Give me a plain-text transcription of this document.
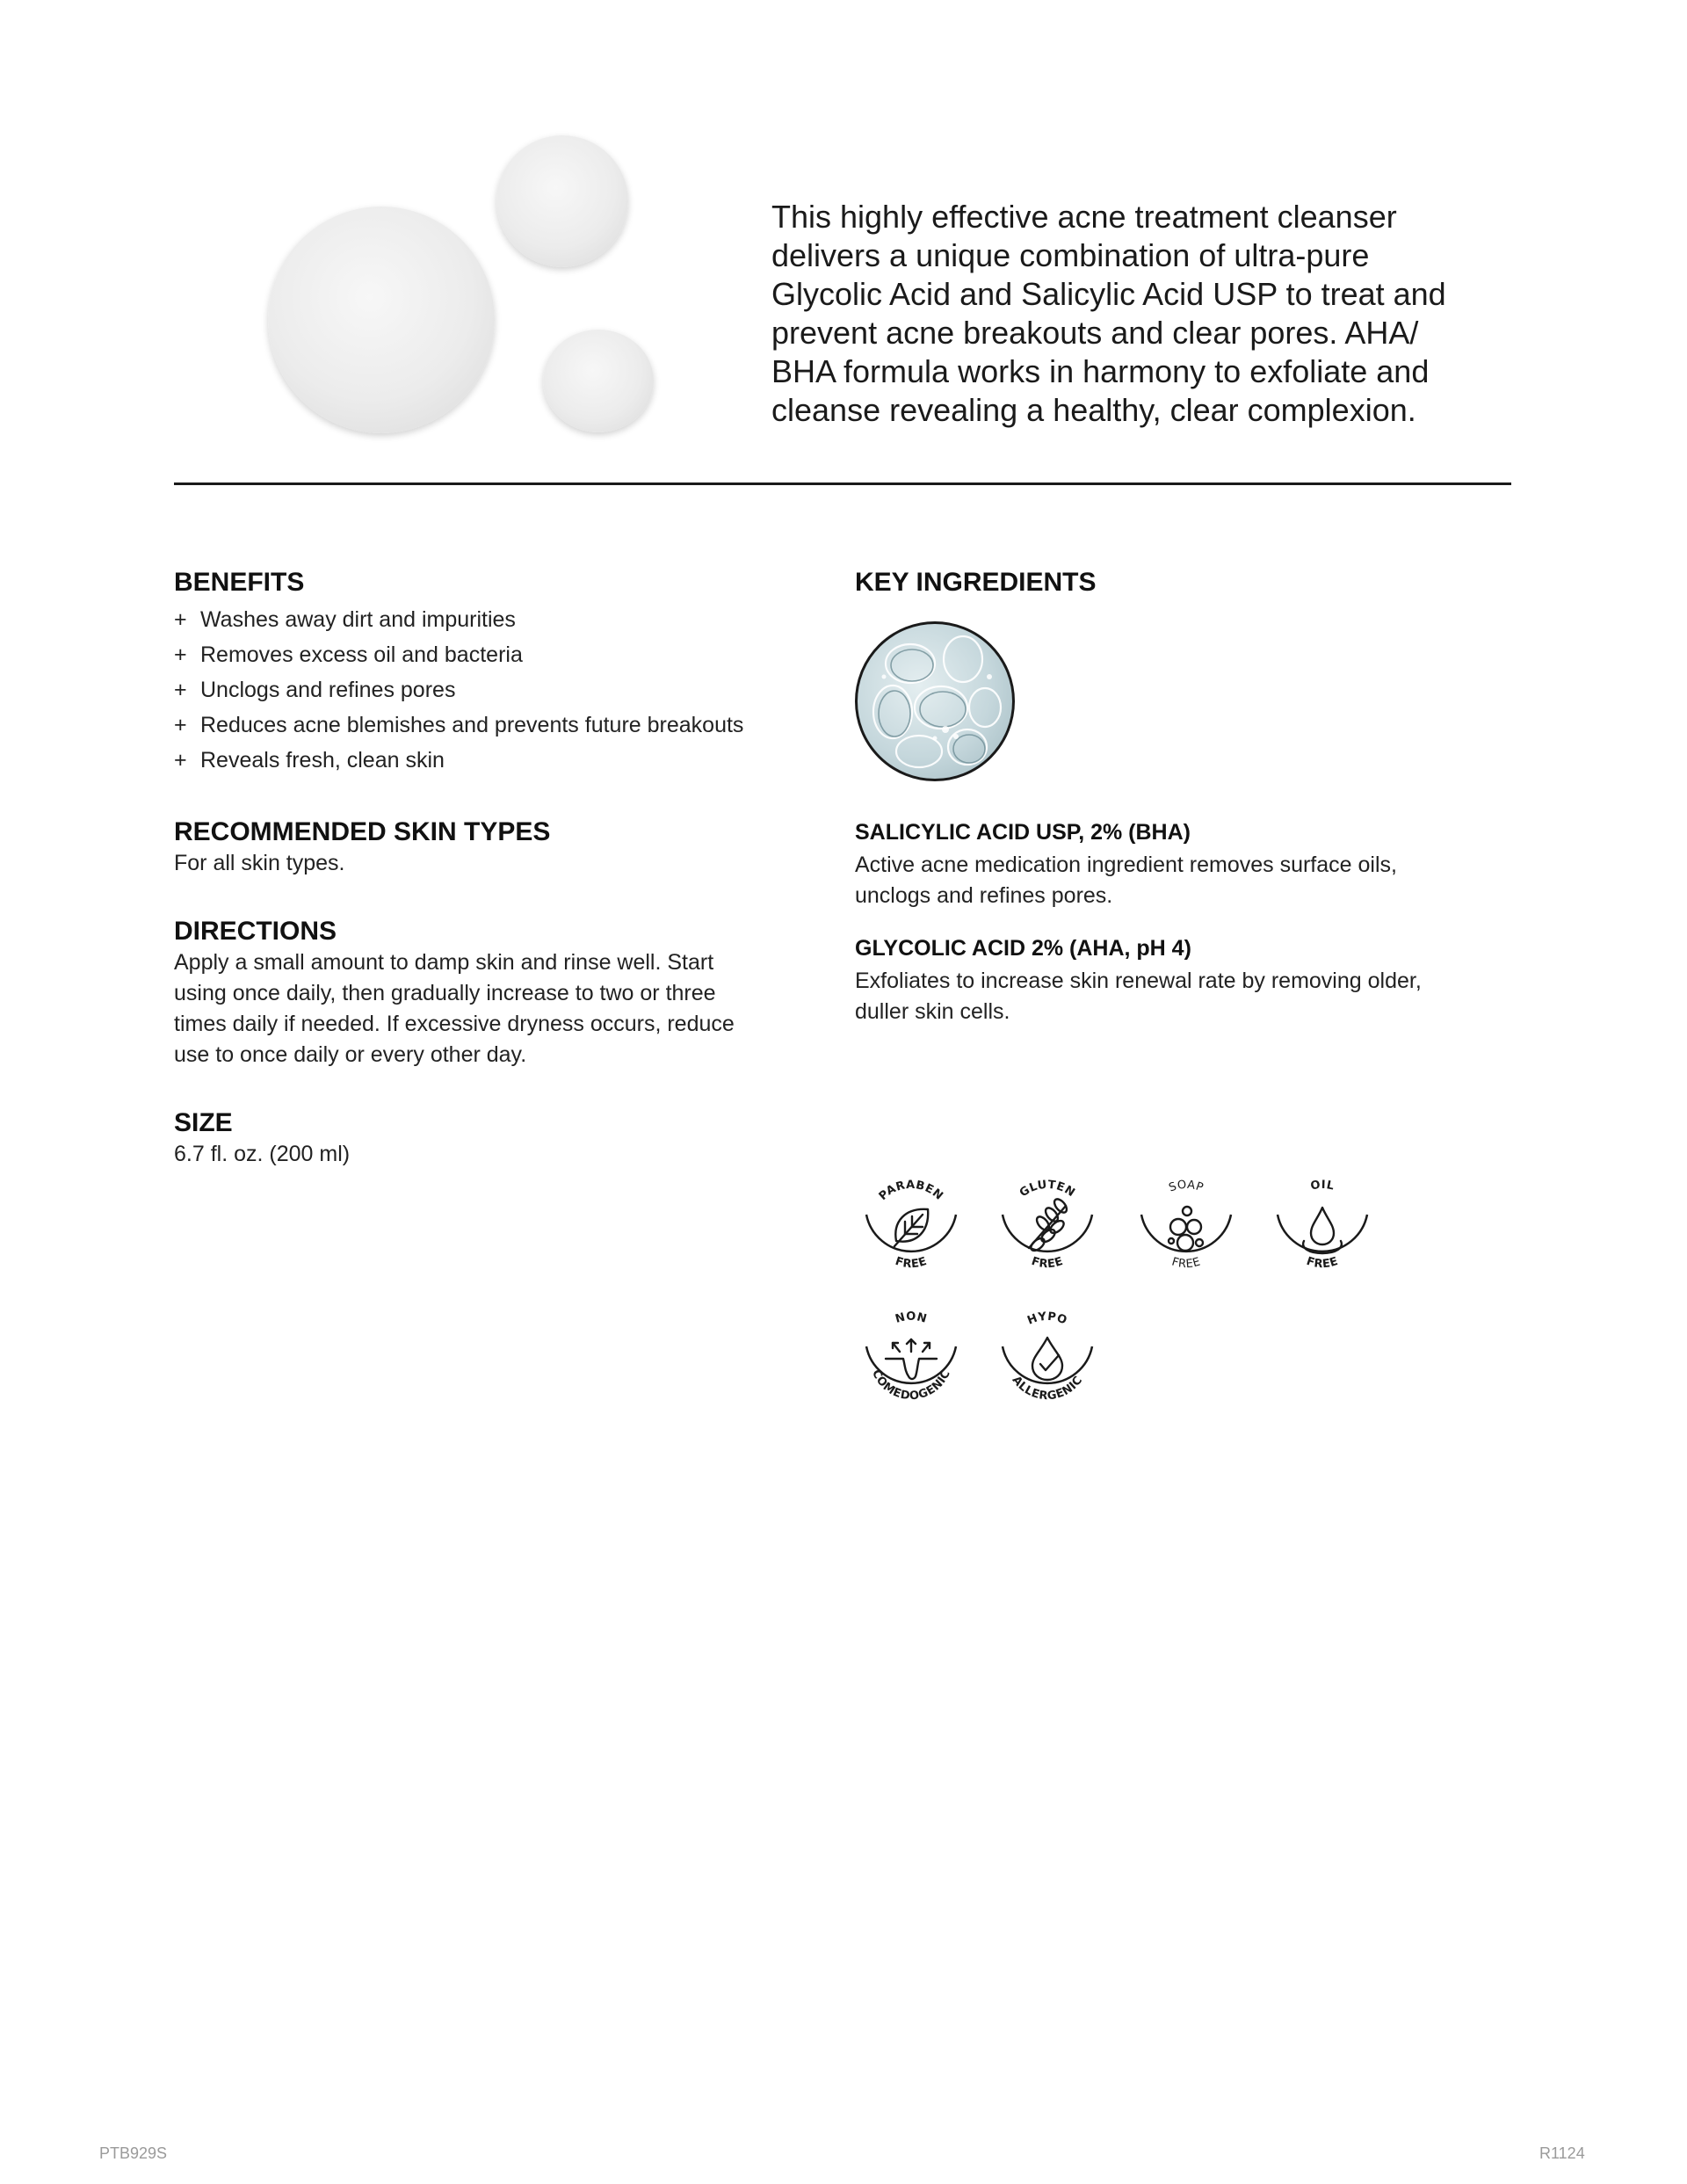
This highly effective acne treatment cleanser
delivers a unique combination of ultra-pure
Glycolic Acid and Salicylic Acid USP to treat and
prevent acne breakouts and clear pores. AHA/
BHA formula works in harmony to exfoliate and
cleanse revealing a healthy, clear complexion.

BENEFITS
+ Washes away dirt and impurities
+ Removes excess oil and bacteria
+ Unclogs and refines pores
+ Reduces acne blemishes and prevents future breakouts
+ Reveals fresh, clean skin
RECOMMENDED SKIN TYPES

For all skin types.

DIRECTIONS

Apply a small amount to damp skin and rinse well. Start
using once daily, then gradually increase to two or three
times daily if needed. If excessive dryness occurs, reduce
use to once daily or every other day.

SIZE

6.7 fl. oz. (200 ml)

KEY INGREDIENTS
SALICYLIC ACID USP, 2% (BHA)

Active acne medication ingredient removes surface oils,
unclogs and refines pores.

GLYCOLIC ACID 2% (AHA, pH 4)

Exfoliates to increase skin renewal rate by removing older,
duller skin cells.

PARABEN
FREE
GLUTEN
FREE
SOAP
FREE
OIL
FREE
NON
COMEDOGENIC
HYPO
ALLERGENIC
PTB929S	R1124
